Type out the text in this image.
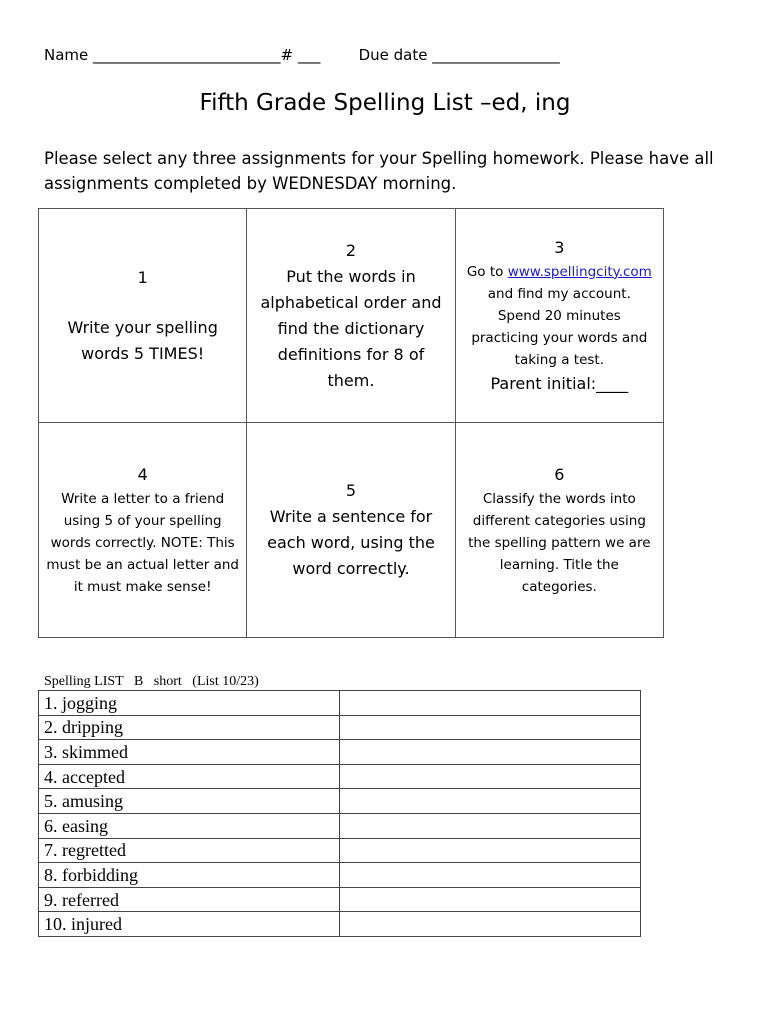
Name _________________________# ___	Due date _________________
Fifth Grade Spelling List –ed, ing
Please select any three assignments for your Spelling homework. Please have all assignments completed by WEDNESDAY morning.
1
Write your spelling words 5 TIMES!	2
Put the words in alphabetical order and find the dictionary definitions for 8 of them.	3
Go to www.spellingcity.com and find my account. Spend 20 minutes practicing your words and taking a test.
Parent initial:____

4
Write a letter to a friend using 5 of your spelling words correctly. NOTE: This must be an actual letter and it must make sense!	5
Write a sentence for each word, using the word correctly.	6
Classify the words into different categories using the spelling pattern we are learning. Title the categories.
Spelling LIST   B   short   (List 10/23)
1. jogging	
2. dripping	
3. skimmed	
4. accepted	
5. amusing	
6. easing	
7. regretted	
8. forbidding	
9. referred	
10. injured	
